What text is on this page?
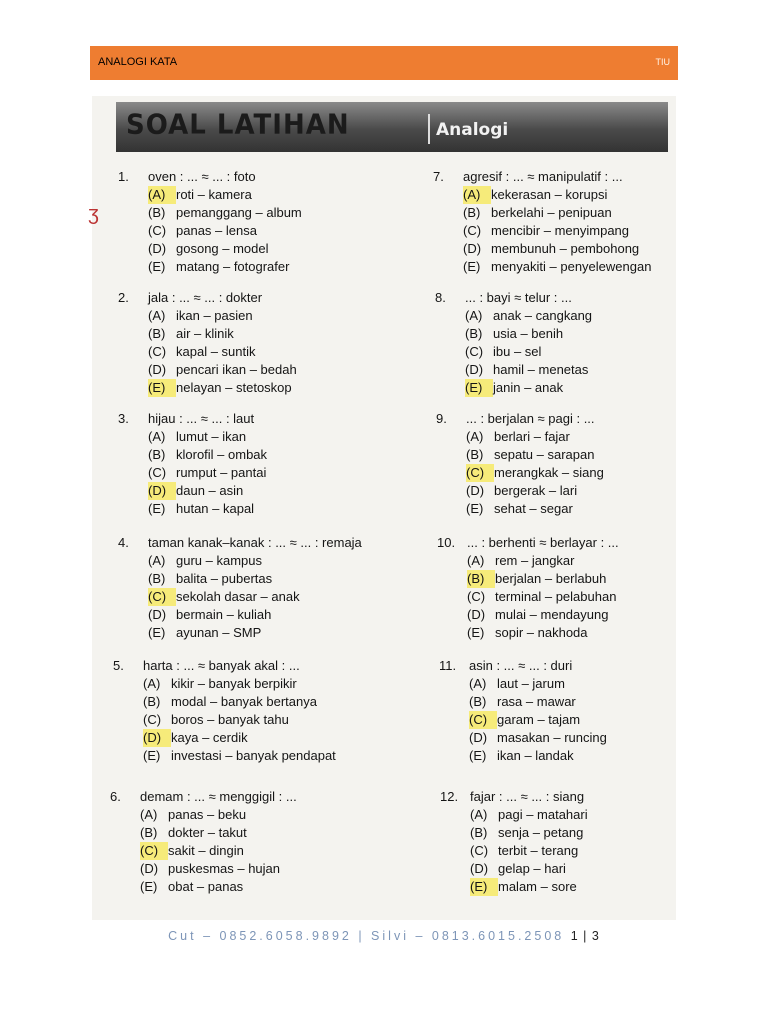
ANALOGI KATA	TIU
SOAL LATIHAN	Analogi
ʒ
1. oven : ... ≈ ... : foto
(A) roti – kamera
(B) pemanggang – album
(C) panas – lensa
(D) gosong – model
(E) matang – fotografer
2. jala : ... ≈ ... : dokter
(A) ikan – pasien
(B) air – klinik
(C) kapal – suntik
(D) pencari ikan – bedah
(E) nelayan – stetoskop
3. hijau : ... ≈ ... : laut
(A) lumut – ikan
(B) klorofil – ombak
(C) rumput – pantai
(D) daun – asin
(E) hutan – kapal
4. taman kanak–kanak : ... ≈ ... : remaja
(A) guru – kampus
(B) balita – pubertas
(C) sekolah dasar – anak
(D) bermain – kuliah
(E) ayunan – SMP
5. harta : ... ≈ banyak akal : ...
(A) kikir – banyak berpikir
(B) modal – banyak bertanya
(C) boros – banyak tahu
(D) kaya – cerdik
(E) investasi – banyak pendapat
6. demam : ... ≈ menggigil : ...
(A) panas – beku
(B) dokter – takut
(C) sakit – dingin
(D) puskesmas – hujan
(E) obat – panas
7. agresif : ... ≈ manipulatif : ...
(A) kekerasan – korupsi
(B) berkelahi – penipuan
(C) mencibir – menyimpang
(D) membunuh – pembohong
(E) menyakiti – penyelewengan
8. ... : bayi ≈ telur : ...
(A) anak – cangkang
(B) usia – benih
(C) ibu – sel
(D) hamil – menetas
(E) janin – anak
9. ... : berjalan ≈ pagi : ...
(A) berlari – fajar
(B) sepatu – sarapan
(C) merangkak – siang
(D) bergerak – lari
(E) sehat – segar
10. ... : berhenti ≈ berlayar : ...
(A) rem – jangkar
(B) berjalan – berlabuh
(C) terminal – pelabuhan
(D) mulai – mendayung
(E) sopir – nakhoda
11. asin : ... ≈ ... : duri
(A) laut – jarum
(B) rasa – mawar
(C) garam – tajam
(D) masakan – runcing
(E) ikan – landak
12. fajar : ... ≈ ... : siang
(A) pagi – matahari
(B) senja – petang
(C) terbit – terang
(D) gelap – hari
(E) malam – sore
Cut – 0852.6058.9892 | Silvi – 0813.6015.2508 1 | 3
